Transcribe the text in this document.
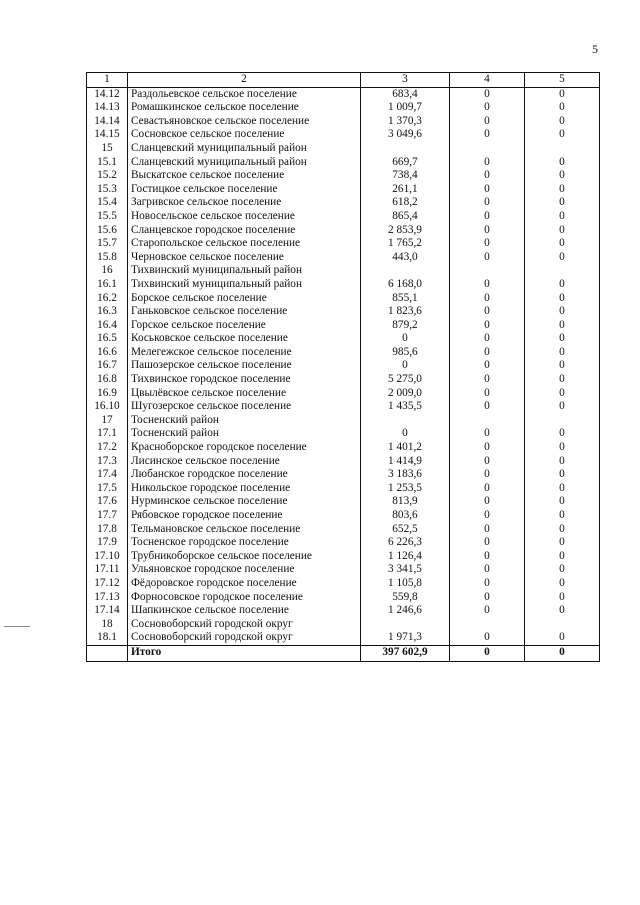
5
1	2	3	4	5
14.12	Раздольевское сельское поселение	683,4	0	0
14.13	Ромашкинское сельское поселение	1 009,7	0	0
14.14	Севастьяновское сельское поселение	1 370,3	0	0
14.15	Сосновское сельское поселение	3 049,6	0	0
15	Сланцевский муниципальный район			
15.1	Сланцевский муниципальный район	669,7	0	0
15.2	Выскатское сельское поселение	738,4	0	0
15.3	Гостицкое сельское поселение	261,1	0	0
15.4	Загривское сельское поселение	618,2	0	0
15.5	Новосельское сельское поселение	865,4	0	0
15.6	Сланцевское городское поселение	2 853,9	0	0
15.7	Старопольское сельское поселение	1 765,2	0	0
15.8	Черновское сельское поселение	443,0	0	0
16	Тихвинский муниципальный район			
16.1	Тихвинский муниципальный район	6 168,0	0	0
16.2	Борское сельское поселение	855,1	0	0
16.3	Ганьковское сельское поселение	1 823,6	0	0
16.4	Горское сельское поселение	879,2	0	0
16.5	Коськовское сельское поселение	0	0	0
16.6	Мелегежское сельское поселение	985,6	0	0
16.7	Пашозерское сельское поселение	0	0	0
16.8	Тихвинское городское поселение	5 275,0	0	0
16.9	Цвылёвское сельское поселение	2 009,0	0	0
16.10	Шугозерское сельское поселение	1 435,5	0	0
17	Тосненский район			
17.1	Тосненский район	0	0	0
17.2	Красноборское городское поселение	1 401,2	0	0
17.3	Лисинское сельское поселение	1 414,9	0	0
17.4	Любанское городское поселение	3 183,6	0	0
17.5	Никольское городское поселение	1 253,5	0	0
17.6	Нурминское сельское поселение	813,9	0	0
17.7	Рябовское городское поселение	803,6	0	0
17.8	Тельмановское сельское поселение	652,5	0	0
17.9	Тосненское городское поселение	6 226,3	0	0
17.10	Трубникоборское сельское поселение	1 126,4	0	0
17.11	Ульяновское городское поселение	3 341,5	0	0
17.12	Фёдоровское городское поселение	1 105,8	0	0
17.13	Форносовское городское поселение	559,8	0	0
17.14	Шапкинское сельское поселение	1 246,6	0	0
18	Сосновоборский городской округ			
18.1	Сосновоборский городской округ	1 971,3	0	0
	Итого	397 602,9	0	0
